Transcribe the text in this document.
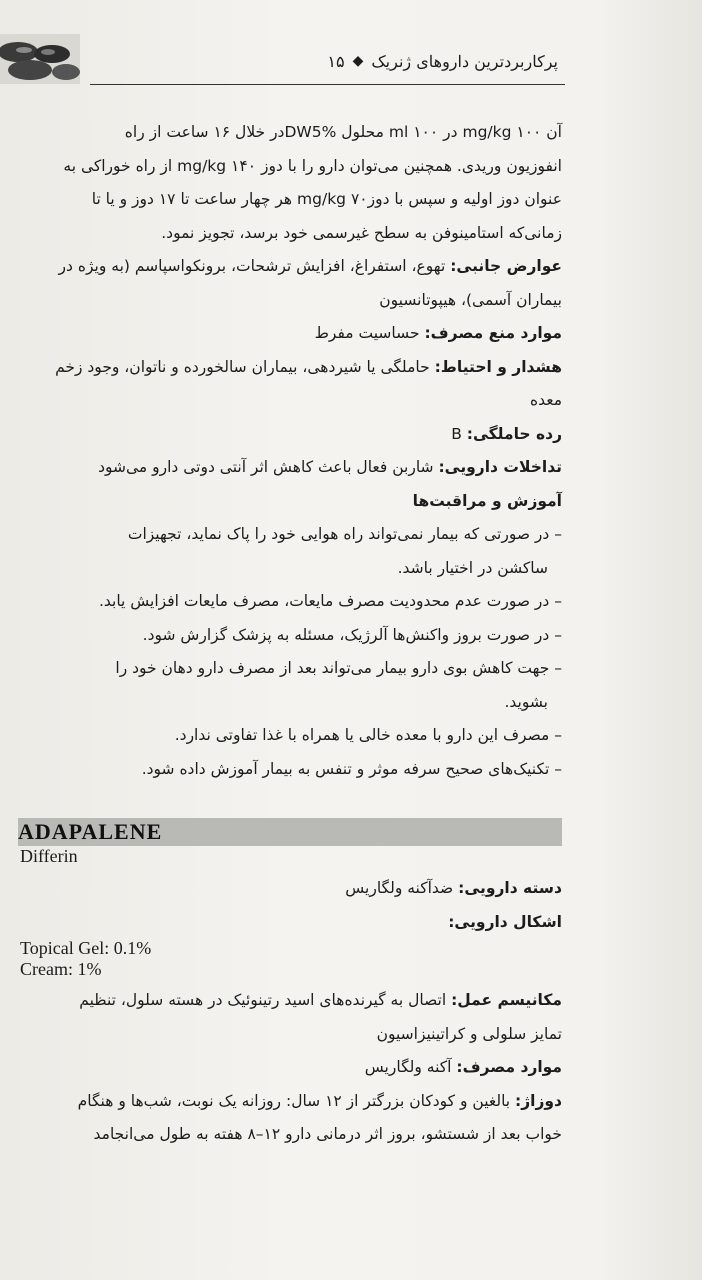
پرکاربردترین داروهای ژنریک
◆
۱۵

آن ۱۰۰ mg/kg در ۱۰۰ ml محلول DW5%در خلال ۱۶ ساعت از راه

انفوزیون وریدی. همچنین می‌توان دارو را با دوز ۱۴۰ mg/kg از راه خوراکی به

عنوان دوز اولیه و سپس با دوز۷۰ mg/kg هر چهار ساعت تا ۱۷ دوز و یا تا

زمانی‌که استامینوفن به سطح غیرسمی خود برسد، تجویز نمود.

عوارض جانبی: تهوع، استفراغ، افزایش ترشحات، برونکواسپاسم (به ویژه در

بیماران آسمی)، هیپوتانسیون

موارد منع مصرف: حساسیت مفرط

هشدار و احتیاط: حاملگی یا شیردهی، بیماران سالخورده و ناتوان، وجود زخم

معده

رده حاملگی: B

تداخلات دارویی: شاربن فعال باعث کاهش اثر آنتی دوتی دارو می‌شود

آموزش و مراقبت‌ها

– در صورتی که بیمار نمی‌تواند راه هوایی خود را پاک نماید، تجهیزات

ساکشن در اختیار باشد.

– در صورت عدم محدودیت مصرف مایعات، مصرف مایعات افزایش یابد.

– در صورت بروز واکنش‌ها آلرژیک، مسئله به پزشک گزارش شود.

– جهت کاهش بوی دارو بیمار می‌تواند بعد از مصرف دارو دهان خود را

بشوید.

– مصرف این دارو با معده خالی یا همراه با غذا تفاوتی ندارد.

– تکنیک‌های صحیح سرفه موثر و تنفس به بیمار آموزش داده شود.

ADAPALENE
Differin

دسته دارویی: ضدآکنه ولگاریس

اشکال دارویی:

Topical Gel: 0.1%
Cream: 1%

مکانیسم عمل: اتصال به گیرنده‌های اسید رتینوئیک در هسته سلول، تنظیم

تمایز سلولی و کراتینیزاسیون

موارد مصرف: آکنه ولگاریس

دوزاژ: بالغین و کودکان بزرگتر از ۱۲ سال: روزانه یک نوبت، شب‌ها و هنگام

خواب بعد از شستشو، بروز اثر درمانی دارو ۱۲–۸ هفته به طول می‌انجامد
